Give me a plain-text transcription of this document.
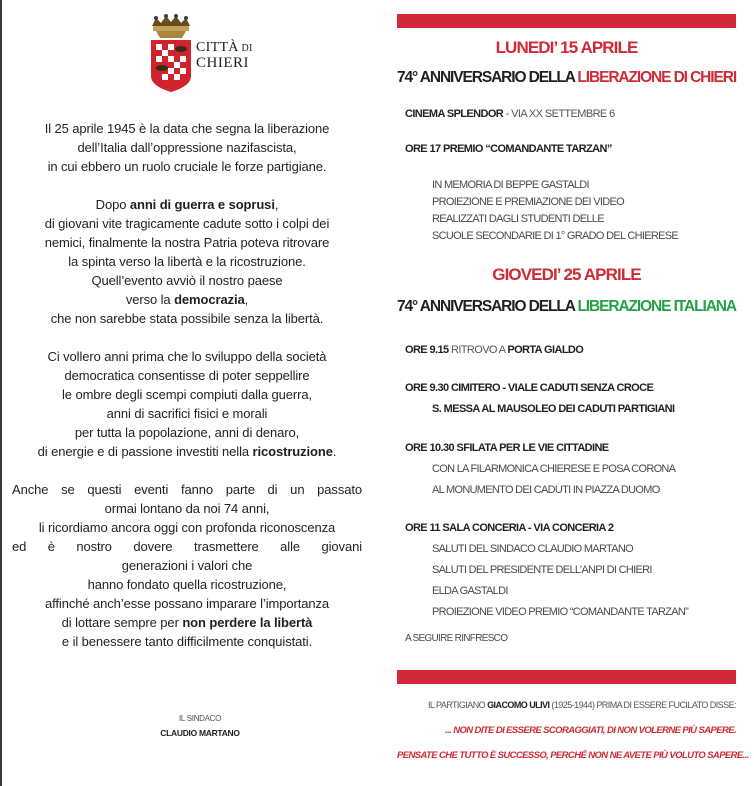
CITTÀ DI
CHIERI

Il 25 aprile 1945 è la data che segna la liberazione
dell’Italia dall’oppressione nazifascista,
in cui ebbero un ruolo cruciale le forze partigiane.

Dopo anni di guerra e soprusi,
di giovani vite tragicamente cadute sotto i colpi dei
nemici, finalmente la nostra Patria poteva ritrovare
la spinta verso la libertà e la ricostruzione.
Quell’evento avviò il nostro paese
verso la democrazia,
che non sarebbe stata possibile senza la libertà.

Ci vollero anni prima che lo sviluppo della società
democratica consentisse di poter seppellire
le ombre degli scempi compiuti dalla guerra,
anni di sacrifici fisici e morali
per tutta la popolazione, anni di denaro,
di energie e di passione investiti nella ricostruzione.

Anche se questi eventi fanno parte di un passato
ormai lontano da noi 74 anni,
li ricordiamo ancora oggi con profonda riconoscenza
ed è nostro dovere trasmettere alle giovani
generazioni i valori che
hanno fondato quella ricostruzione,
affinché anch’esse possano imparare l’importanza
di lottare sempre per non perdere la libertà
e il benessere tanto difficilmente conquistati.

IL SINDACO
CLAUDIO MARTANO
LUNEDI’ 15 APRILE
74° ANNIVERSARIO DELLA LIBERAZIONE DI CHIERI
CINEMA SPLENDOR - VIA XX SETTEMBRE 6
ORE 17 PREMIO “COMANDANTE TARZAN”
IN MEMORIA DI BEPPE GASTALDI
PROIEZIONE E PREMIAZIONE DEI VIDEO
REALIZZATI DAGLI STUDENTI DELLE
SCUOLE SECONDARIE DI 1° GRADO DEL CHIERESE
GIOVEDI’ 25 APRILE
74° ANNIVERSARIO DELLA LIBERAZIONE ITALIANA
ORE 9.15 RITROVO A PORTA GIALDO
ORE 9.30 CIMITERO - VIALE CADUTI SENZA CROCE
S. MESSA AL MAUSOLEO DEI CADUTI PARTIGIANI
ORE 10.30 SFILATA PER LE VIE CITTADINE
CON LA FILARMONICA CHIERESE E POSA CORONA
AL MONUMENTO DEI CADUTI IN PIAZZA DUOMO
ORE 11 SALA CONCERIA - VIA CONCERIA 2
SALUTI DEL SINDACO CLAUDIO MARTANO
SALUTI DEL PRESIDENTE DELL’ANPI DI CHIERI
ELDA GASTALDI
PROIEZIONE VIDEO PREMIO “COMANDANTE TARZAN”
A SEGUIRE RINFRESCO
IL PARTIGIANO GIACOMO ULIVI (1925-1944) PRIMA DI ESSERE FUCILATO DISSE:
... NON DITE DI ESSERE SCORAGGIATI, DI NON VOLERNE PIÙ SAPERE.
PENSATE CHE TUTTO È SUCCESSO, PERCHÉ NON NE AVETE PIÙ VOLUTO SAPERE...
